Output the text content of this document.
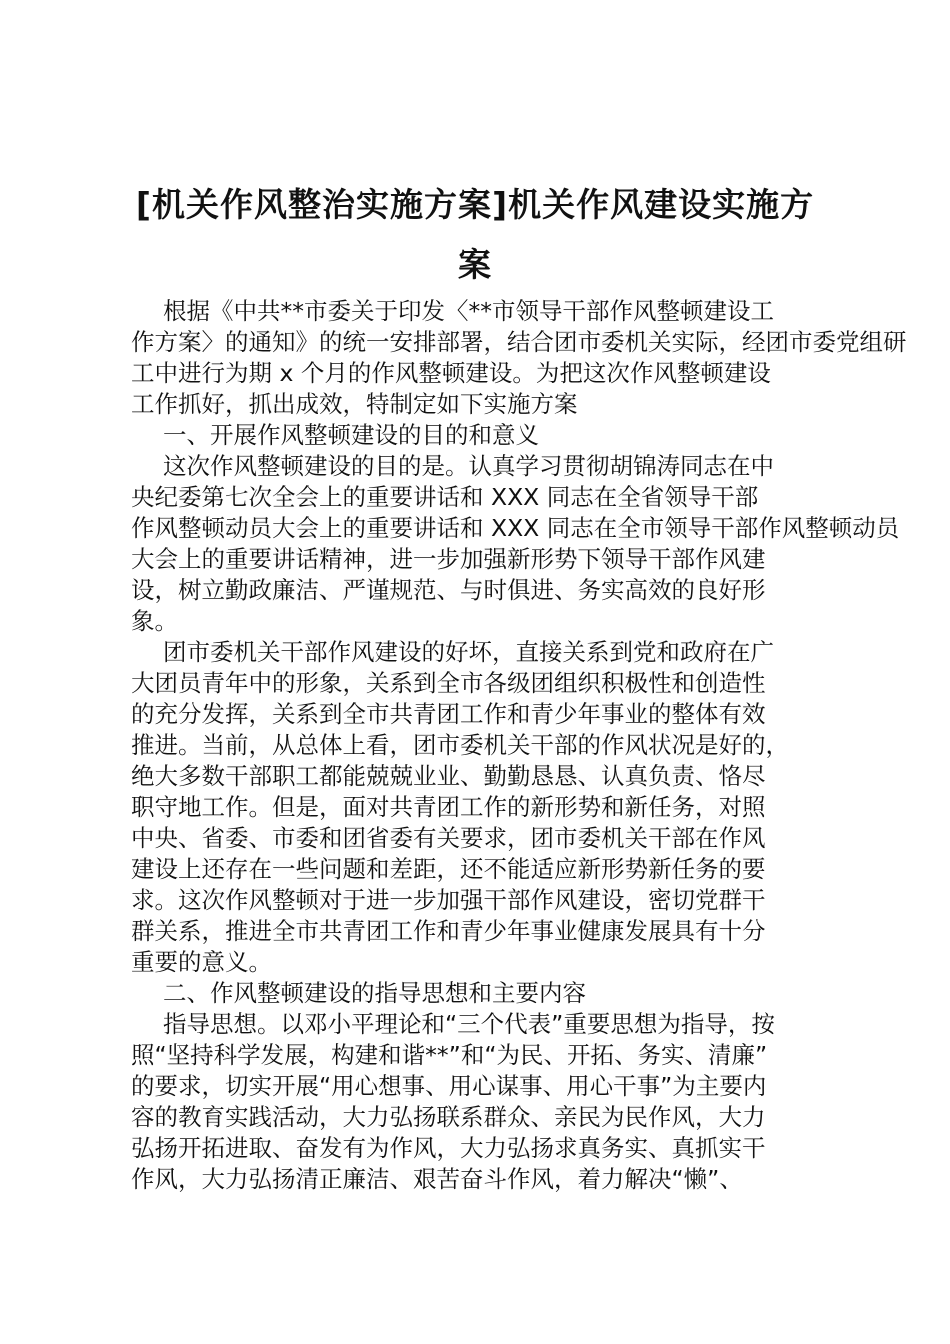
[机关作风整治实施方案]机关作风建设实施方
案

根据《中共**市委关于印发〈**市领导干部作风整顿建设工

作方案〉的通知》的统一安排部署，结合团市委机关实际，经团市委党组研

工中进行为期 x 个月的作风整顿建设。为把这次作风整顿建设

工作抓好，抓出成效，特制定如下实施方案

一、开展作风整顿建设的目的和意义

这次作风整顿建设的目的是。认真学习贯彻胡锦涛同志在中

央纪委第七次全会上的重要讲话和 XXX 同志在全省领导干部

作风整顿动员大会上的重要讲话和 XXX 同志在全市领导干部作风整顿动员

大会上的重要讲话精神，进一步加强新形势下领导干部作风建

设，树立勤政廉洁、严谨规范、与时俱进、务实高效的良好形

象。

团市委机关干部作风建设的好坏，直接关系到党和政府在广

大团员青年中的形象，关系到全市各级团组织积极性和创造性

的充分发挥，关系到全市共青团工作和青少年事业的整体有效

推进。当前，从总体上看，团市委机关干部的作风状况是好的，

绝大多数干部职工都能兢兢业业、勤勤恳恳、认真负责、恪尽

职守地工作。但是，面对共青团工作的新形势和新任务，对照

中央、省委、市委和团省委有关要求，团市委机关干部在作风

建设上还存在一些问题和差距，还不能适应新形势新任务的要

求。这次作风整顿对于进一步加强干部作风建设，密切党群干

群关系，推进全市共青团工作和青少年事业健康发展具有十分

重要的意义。

二、作风整顿建设的指导思想和主要内容

指导思想。以邓小平理论和“三个代表”重要思想为指导，按

照“坚持科学发展，构建和谐**”和“为民、开拓、务实、清廉”

的要求，切实开展“用心想事、用心谋事、用心干事”为主要内

容的教育实践活动，大力弘扬联系群众、亲民为民作风，大力

弘扬开拓进取、奋发有为作风，大力弘扬求真务实、真抓实干

作风，大力弘扬清正廉洁、艰苦奋斗作风，着力解决“懒”、
